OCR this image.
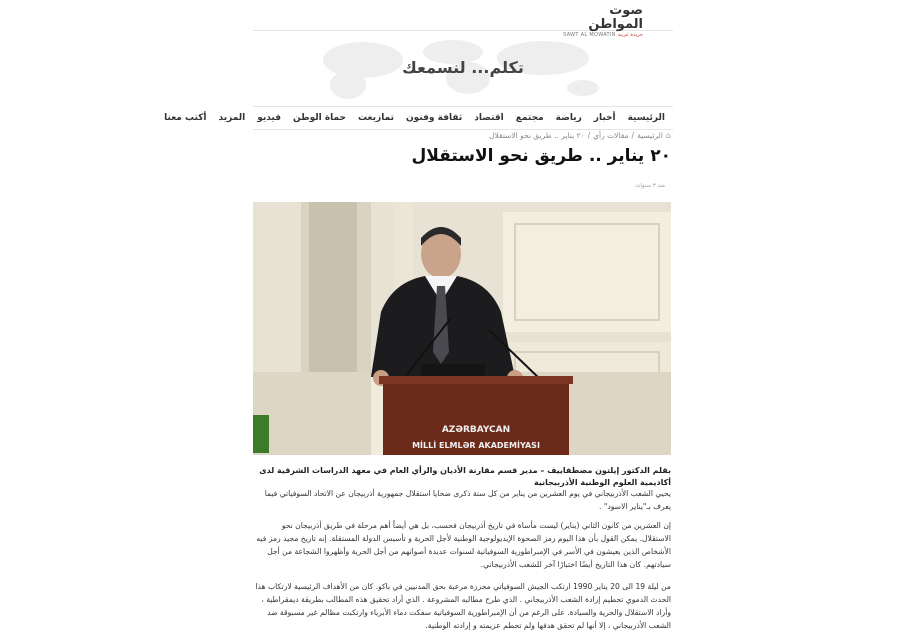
صوت المواطن
SAWT AL MOWATIN جريدة عربية
تكلم... لنسمعك
الرئيسية
أخبار
رياضة
مجتمع
اقتصاد
ثقافة وفنون
تمازيغت
حماة الوطن
فيديو
المزيد
أكتب معنا
⌂
الرئيسية
/
مقالات رأي
/
٢٠ يناير .. طريق نحو الاستقلال
٢٠ يناير .. طريق نحو الاستقلال
منذ ٣ سنوات
AZƏRBAYCAN
MİLLİ ELMLƏR AKADEMİYASI
بقلم الدكتور إيلتون مصطفاييف – مدير قسم مقارنة الأديان والرأي العام في معهد الدراسات الشرقية لدى أكاديمية العلوم الوطنية الأذربيجانية

يحيي الشعب الأذربيجاني في يوم العشرين من يناير من كل سنة ذكرى ضحايا استقلال جمهورية أذربيجان عن الاتحاد السوفياتي فيما يعرف بـ"يناير الاسود" .

إن العشرين من كانون الثاني (يناير) ليست مأساة في تاريخ أذربيجان فحسب، بل هي أيضاً أهم مرحلة في طريق أذربيجان نحو الاستقلال. يمكن القول بأن هذا اليوم رمز الصحوة الإيديولوجية الوطنية لأجل الحرية و تأسيس الدولة المستقلة. إنه تاريخ مجيد رمز فيه الأشخاص الذين يعيشون في الأسر في الإمبراطورية السوفياتية لسنوات عديدة أصواتهم من أجل الحرية وأظهروا الشجاعة من أجل سيادتهم. كان هذا التاريخ أيضًا اختبارًا آخر للشعب الأذربيجاني.

من ليلة 19 الى 20 يناير 1990 ارتكب الجيش السوفياتي مجزرة مرعبة بحق المدنيين في باكو. كان من الأهداف الرئيسية لارتكاب هذا الحدث الدموي تحطيم إرادة الشعب الأذربيجاني . الذي طرح مطالبه المشروعة . الذي أراد تحقيق هذه المطالب بطريقة ديمقراطية ، وأراد الاستقلال والحرية والسيادة. على الرغم من أن الإمبراطورية السوفياتية سفكت دماء الأبرياء وارتكبت مظالم غير مسبوقة ضد الشعب الأذربيجاني ، إلا أنها لم تحقق هدفها ولم تحطم عزيمته و إرادته الوطنية.
